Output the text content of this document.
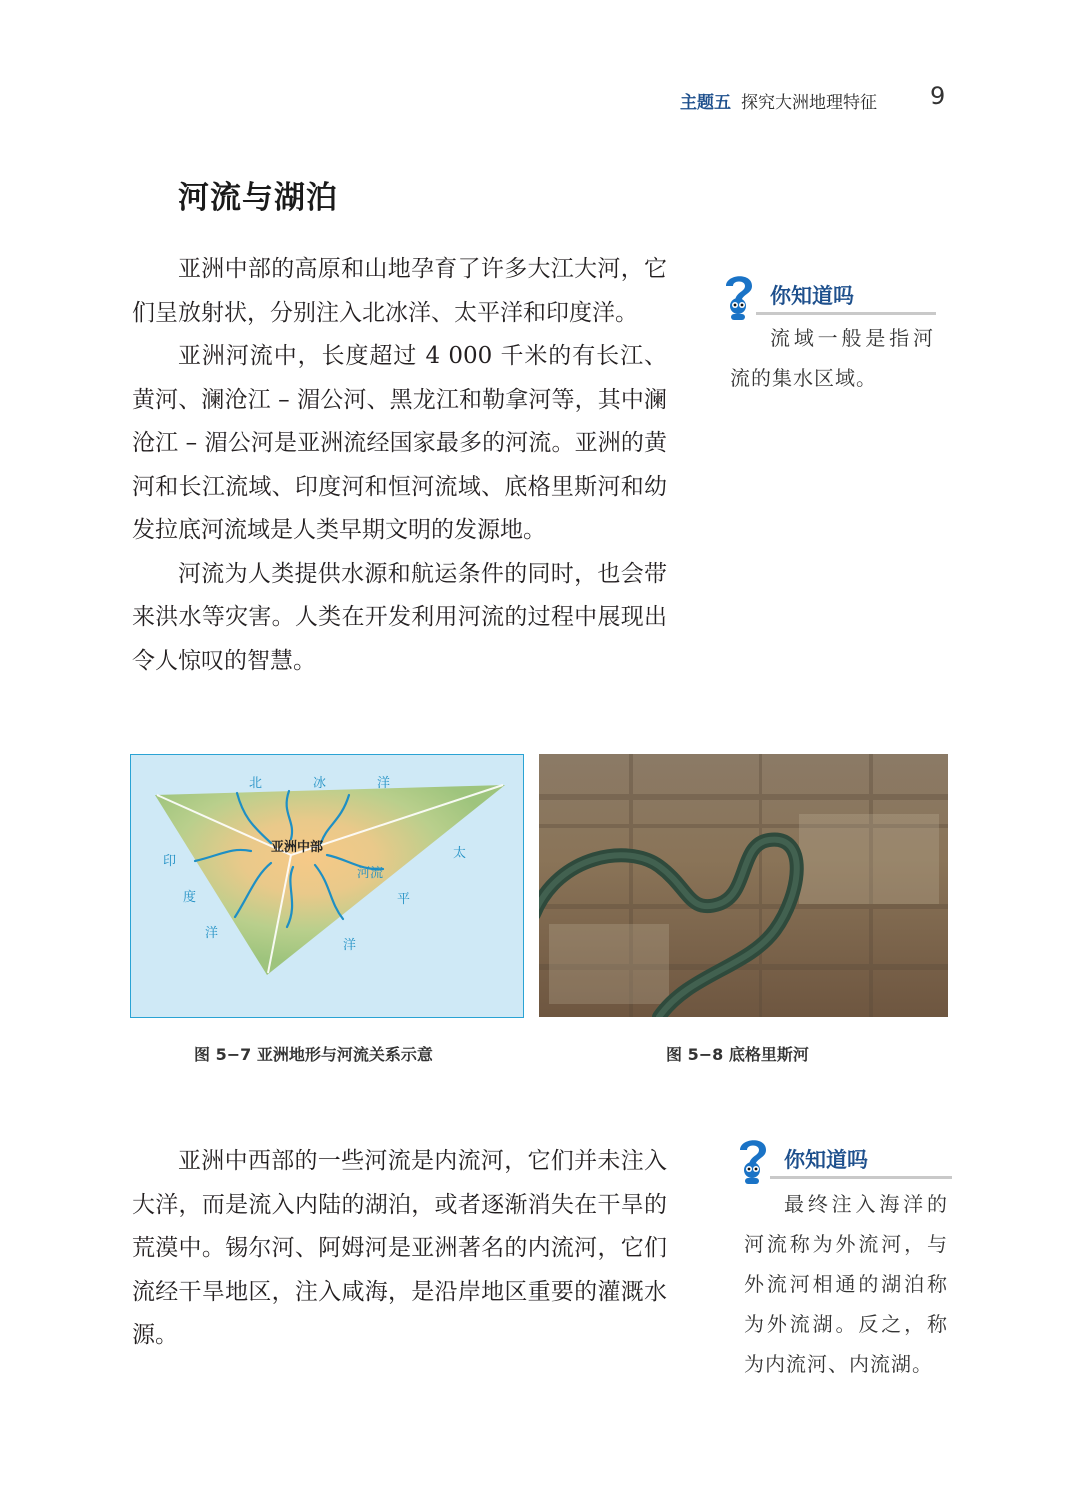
主题五 探究大洲地理特征 9
河流与湖泊

亚洲中部的高原和山地孕育了许多大江大河，它们呈放射状，分别注入北冰洋、太平洋和印度洋。

亚洲河流中，长度超过 4 000 千米的有长江、黄河、澜沧江 – 湄公河、黑龙江和勒拿河等，其中澜沧江 – 湄公河是亚洲流经国家最多的河流。亚洲的黄河和长江流域、印度河和恒河流域、底格里斯河和幼发拉底河流域是人类早期文明的发源地。

河流为人类提供水源和航运条件的同时，也会带来洪水等灾害。人类在开发利用河流的过程中展现出令人惊叹的智慧。

你知道吗

流域一般是指河流的集水区域。

北	冰	洋
印
度
洋
太
平
洋
河流
亚洲中部
图 5−7 亚洲地形与河流关系示意	图 5−8 底格里斯河

亚洲中西部的一些河流是内流河，它们并未注入大洋，而是流入内陆的湖泊，或者逐渐消失在干旱的荒漠中。锡尔河、阿姆河是亚洲著名的内流河，它们流经干旱地区，注入咸海，是沿岸地区重要的灌溉水源。

你知道吗

最终注入海洋的河流称为外流河，与外流河相通的湖泊称为外流湖。反之，称为内流河、内流湖。
